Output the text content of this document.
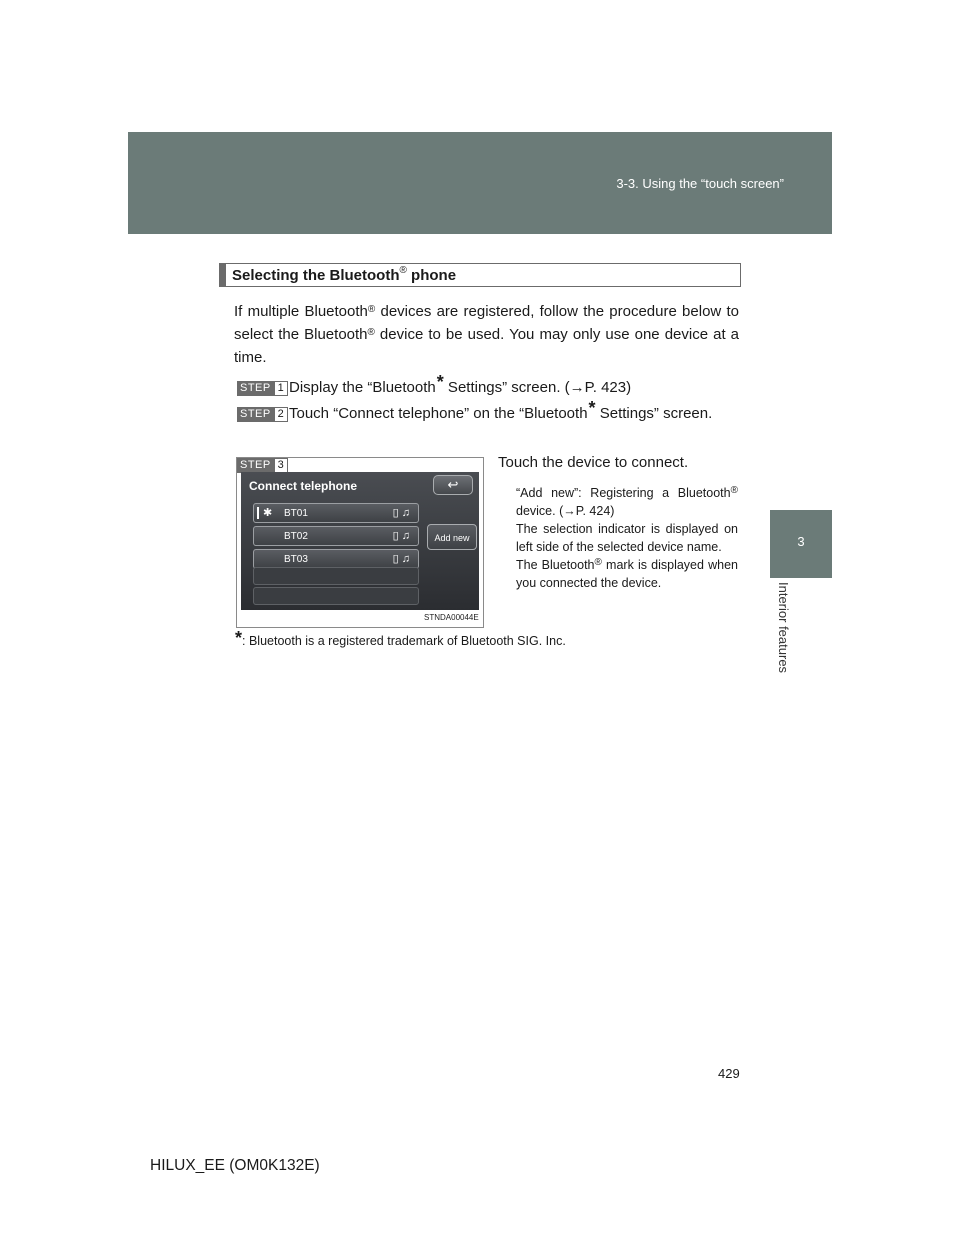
3-3. Using the “touch screen”
3
Interior features
Selecting the Bluetooth® phone
If multiple Bluetooth® devices are registered, follow the procedure below to select the Bluetooth® device to be used. You may only use one device at a time.
STEP 1 Display the “Bluetooth* Settings” screen. (→P. 423)
STEP 2 Touch “Connect telephone” on the “Bluetooth* Settings” screen.
STEP 3
Connect telephone	↩
✱ BT01	▯ ♫
BT02	▯ ♫
BT03	▯ ♫
Add new
STNDA00044E
Touch the device to connect.

“Add new”: Registering a Bluetooth® device. (→P. 424)

The selection indicator is displayed on left side of the selected device name.

The Bluetooth® mark is displayed when you connected the device.

*: Bluetooth is a registered trademark of Bluetooth SIG. Inc.
429
HILUX_EE (OM0K132E)
